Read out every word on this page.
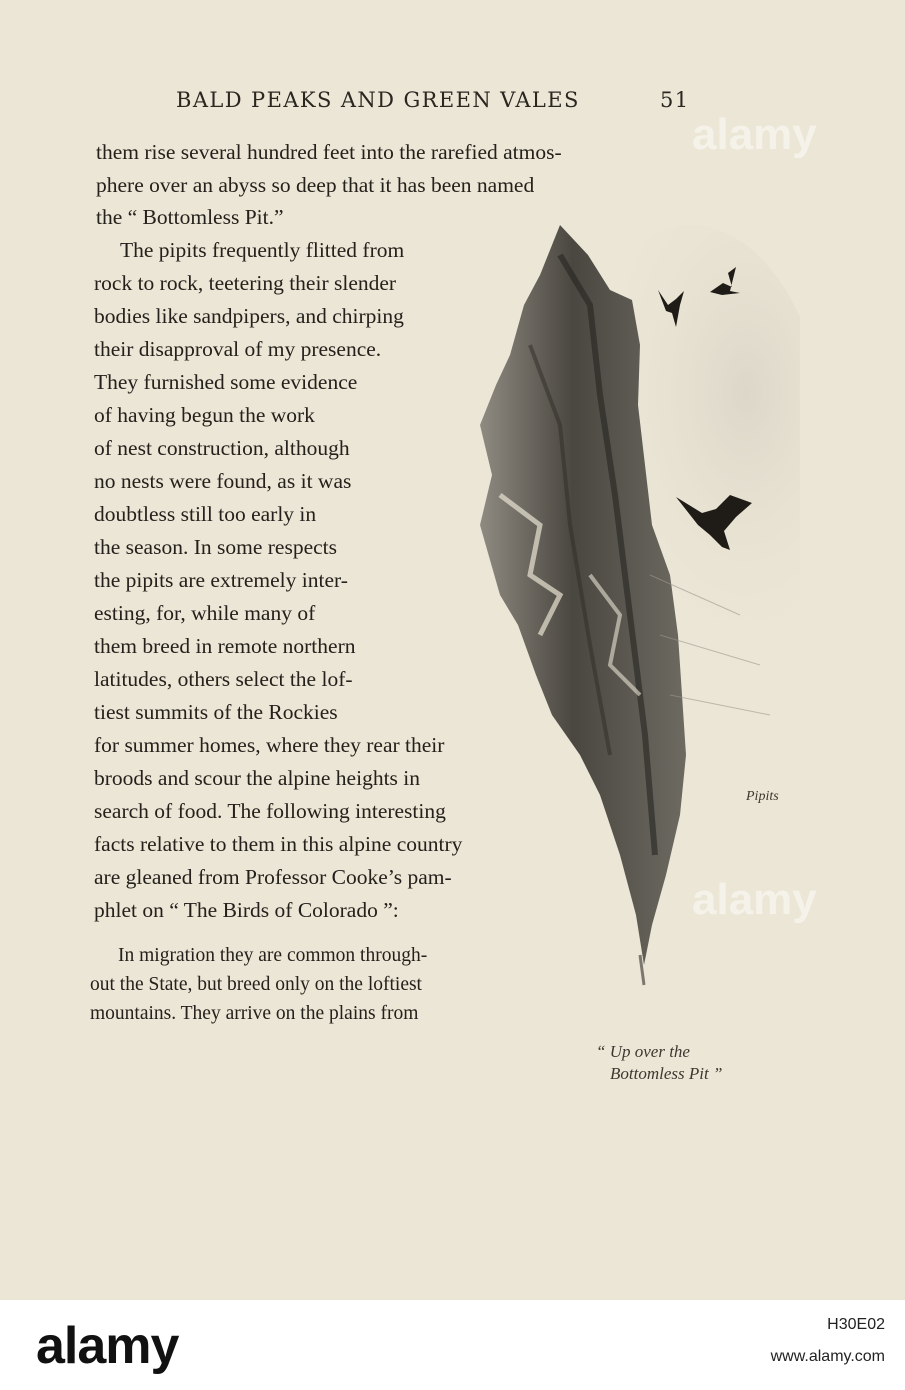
BALD PEAKS AND GREEN VALES	51

them rise several hundred feet into the rarefied atmos-

phere over an abyss so deep that it has been named

the “ Bottomless Pit.”

The pipits frequently flitted from

rock to rock, teetering their slender

bodies like sandpipers, and chirping

their disapproval of my presence.

They furnished some evidence

of having begun the work

of nest construction, although

no nests were found, as it was

doubtless still too early in

the season. In some respects

the pipits are extremely inter-

esting, for, while many of

them breed in remote northern

latitudes, others select the lof-

tiest summits of the Rockies

for summer homes, where they rear their

broods and scour the alpine heights in

search of food. The following interesting

facts relative to them in this alpine country

are gleaned from Professor Cooke’s pam-

phlet on “ The Birds of Colorado ”:

In migration they are common through-

out the State, but breed only on the loftiest

mountains. They arrive on the plains from

Pipits
“ Up over the
Bottomless Pit ”
alamy
alamy
alamy	H30E02
www.alamy.com
